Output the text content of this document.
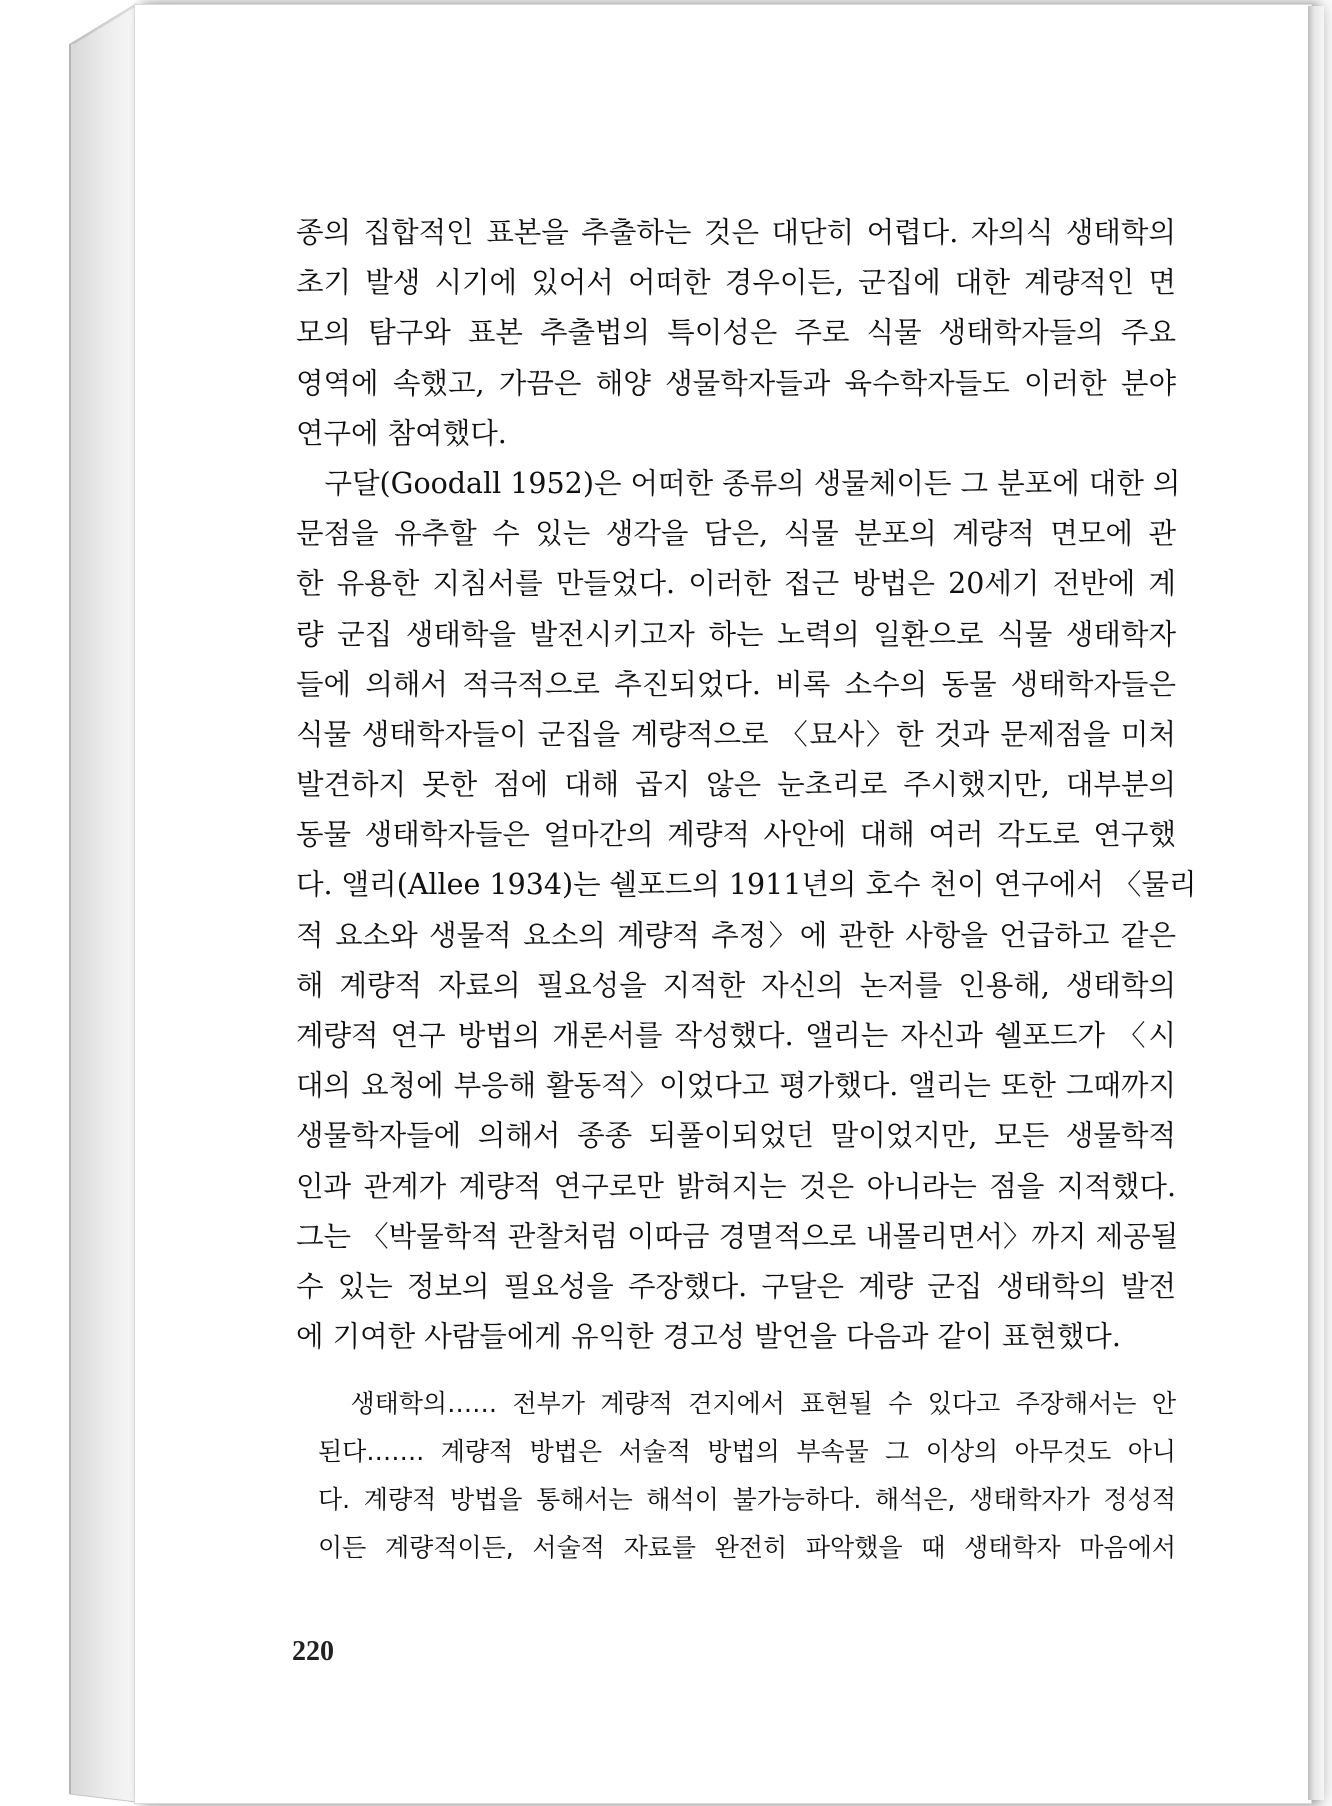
종의 집합적인 표본을 추출하는 것은 대단히 어렵다. 자의식 생태학의
초기 발생 시기에 있어서 어떠한 경우이든, 군집에 대한 계량적인 면
모의 탐구와 표본 추출법의 특이성은 주로 식물 생태학자들의 주요
영역에 속했고, 가끔은 해양 생물학자들과 육수학자들도 이러한 분야
연구에 참여했다.
　구달(Goodall 1952)은 어떠한 종류의 생물체이든 그 분포에 대한 의
문점을 유추할 수 있는 생각을 담은, 식물 분포의 계량적 면모에 관
한 유용한 지침서를 만들었다. 이러한 접근 방법은 20세기 전반에 계
량 군집 생태학을 발전시키고자 하는 노력의 일환으로 식물 생태학자
들에 의해서 적극적으로 추진되었다. 비록 소수의 동물 생태학자들은
식물 생태학자들이 군집을 계량적으로 〈묘사〉한 것과 문제점을 미처
발견하지 못한 점에 대해 곱지 않은 눈초리로 주시했지만, 대부분의
동물 생태학자들은 얼마간의 계량적 사안에 대해 여러 각도로 연구했
다. 앨리(Allee 1934)는 쉘포드의 1911년의 호수 천이 연구에서 〈물리
적 요소와 생물적 요소의 계량적 추정〉에 관한 사항을 언급하고 같은
해 계량적 자료의 필요성을 지적한 자신의 논저를 인용해, 생태학의
계량적 연구 방법의 개론서를 작성했다. 앨리는 자신과 쉘포드가 〈시
대의 요청에 부응해 활동적〉이었다고 평가했다. 앨리는 또한 그때까지
생물학자들에 의해서 종종 되풀이되었던 말이었지만, 모든 생물학적
인과 관계가 계량적 연구로만 밝혀지는 것은 아니라는 점을 지적했다.
그는 〈박물학적 관찰처럼 이따금 경멸적으로 내몰리면서〉까지 제공될
수 있는 정보의 필요성을 주장했다. 구달은 계량 군집 생태학의 발전
에 기여한 사람들에게 유익한 경고성 발언을 다음과 같이 표현했다.
　생태학의…… 전부가 계량적 견지에서 표현될 수 있다고 주장해서는 안
된다……. 계량적 방법은 서술적 방법의 부속물 그 이상의 아무것도 아니
다. 계량적 방법을 통해서는 해석이 불가능하다. 해석은, 생태학자가 정성적
이든 계량적이든, 서술적 자료를 완전히 파악했을 때 생태학자 마음에서
220
